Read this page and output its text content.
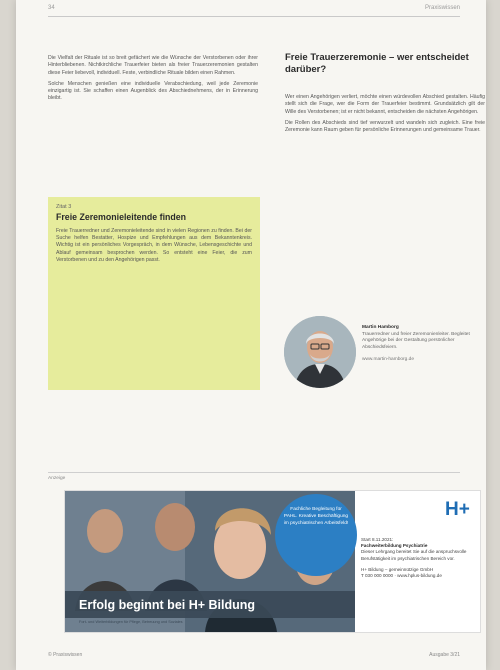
34	Praxiswissen

Die Vielfalt der Rituale ist so breit gefächert wie die Wünsche der Verstorbenen oder ihrer Hinterbliebenen. Nichtkirchliche Trauerfeier bieten als freier Trauerzeremonien gestalten diese Feier liebevoll, individuell. Feste, verbindliche Rituale bilden einen Rahmen.

Solche Menschen genießen eine individuelle Verabschiedung, weil jede Zeremonie einzigartig ist. Sie schaffen einen Augenblick des Abschiednehmens, der in Erinnerung bleibt.

Zitat 3
Freie Zeremonieleitende finden
Freie Trauerredner und Zeremonieleitende sind in vielen Regionen zu finden. Bei der Suche helfen Bestatter, Hospize und Empfehlungen aus dem Bekanntenkreis. Wichtig ist ein persönliches Vorgespräch, in dem Wünsche, Lebensgeschichte und Ablauf gemeinsam besprochen werden. So entsteht eine Feier, die zum Verstorbenen und zu den Angehörigen passt.
Freie Trauerzeremonie – wer entscheidet darüber?

Wer einen Angehörigen verliert, möchte einen würdevollen Abschied gestalten. Häufig stellt sich die Frage, wer die Form der Trauerfeier bestimmt. Grundsätzlich gilt der Wille des Verstorbenen; ist er nicht bekannt, entscheiden die nächsten Angehörigen.

Die Rollen des Abschieds sind tief verwurzelt und wandeln sich zugleich. Eine freie Zeremonie kann Raum geben für persönliche Erinnerungen und gemeinsame Trauer.

Martin Hamborg
Trauerredner und freier Zeremonienleiter. Begleitet Angehörige bei der Gestaltung persönlicher Abschiedsfeiern.
www.martin-hamborg.de
Anzeige
Erfolg beginnt bei H+ Bildung
Fort- und Weiterbildungen für Pflege, Betreuung und Soziales
Fachliche Begleitung für PAHL. Kreative Beschäftigung im psychiatrischen Arbeitsfeld!
H+
Start 8.11.2021:
Fachweiterbildung Psychiatrie
Dieser Lehrgang bereitet Sie auf die anspruchsvolle Berufstätigkeit im psychiatrischen Bereich vor.
H+ Bildung – gemeinnützige GmbH
T 030 000 0000 · www.hplus-bildung.de
© Praxiswissen	Ausgabe 3/21
